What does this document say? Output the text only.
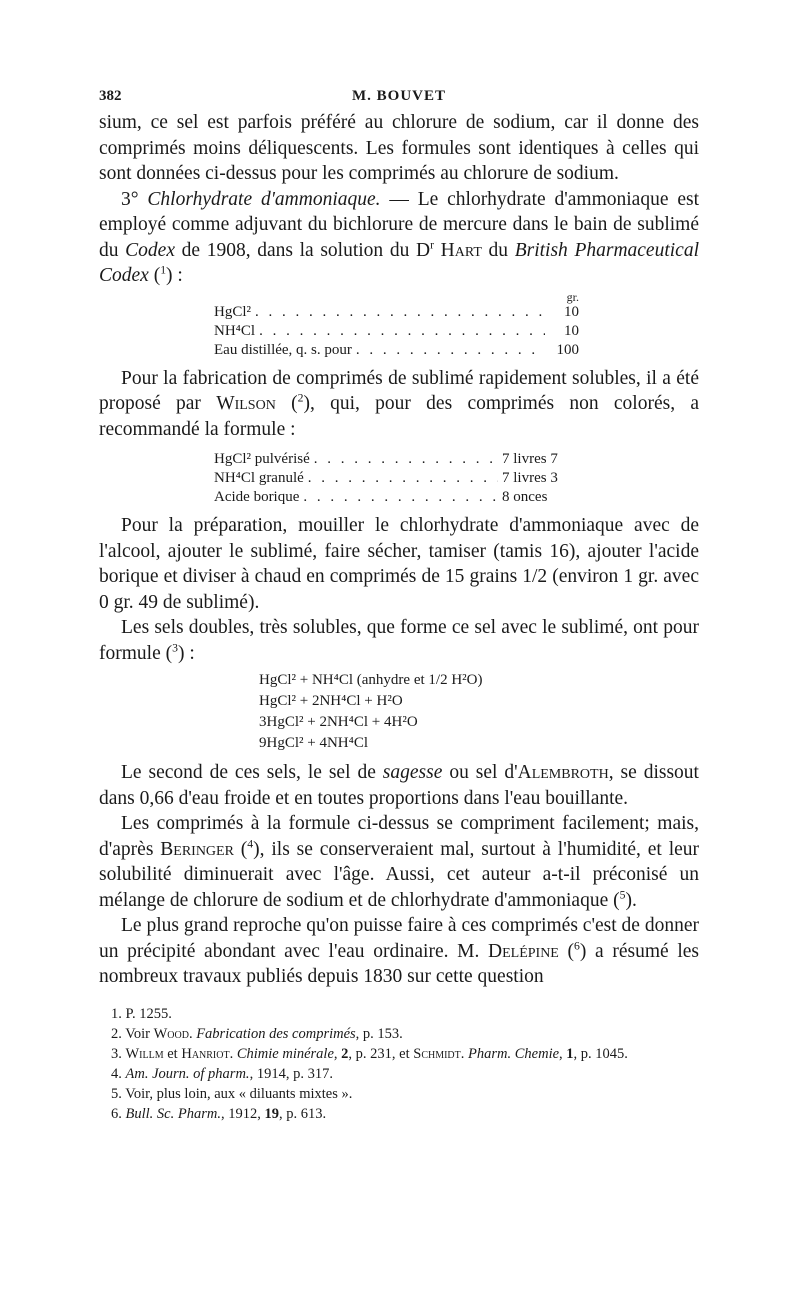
382	M. BOUVET

sium, ce sel est parfois préféré au chlorure de sodium, car il donne des comprimés moins déliquescents. Les formules sont identiques à celles qui sont données ci-dessus pour les comprimés au chlorure de sodium.

3° Chlorhydrate d'ammoniaque. — Le chlorhydrate d'ammoniaque est employé comme adjuvant du bichlorure de mercure dans le bain de sublimé du Codex de 1908, dans la solution du $D^r$ Hart du British Pharmaceutical Codex ($^1$) :

gr.
HgCl² . . .	10
NH⁴Cl . . .	10
Eau distillée, q. s. pour . . .	100

Pour la fabrication de comprimés de sublimé rapidement solubles, il a été proposé par Wilson ($^2$), qui, pour des comprimés non colorés, a recommandé la formule :

HgCl² pulvérisé . . .	7 livres 7
NH⁴Cl granulé . . .	7 livres 3
Acide borique . . .	8 onces

Pour la préparation, mouiller le chlorhydrate d'ammoniaque avec de l'alcool, ajouter le sublimé, faire sécher, tamiser (tamis 16), ajouter l'acide borique et diviser à chaud en comprimés de 15 grains 1/2 (environ 1 gr. avec 0 gr. 49 de sublimé).

Les sels doubles, très solubles, que forme ce sel avec le sublimé, ont pour formule ($^3$) :

HgCl² + NH⁴Cl (anhydre et 1/2 H²O)
HgCl² + 2NH⁴Cl + H²O
3HgCl² + 2NH⁴Cl + 4H²O
9HgCl² + 4NH⁴Cl

Le second de ces sels, le sel de sagesse ou sel d'Alembroth, se dissout dans 0,66 d'eau froide et en toutes proportions dans l'eau bouillante.

Les comprimés à la formule ci-dessus se compriment facilement; mais, d'après Beringer ($^4$), ils se conserveraient mal, surtout à l'humidité, et leur solubilité diminuerait avec l'âge. Aussi, cet auteur a-t-il préconisé un mélange de chlorure de sodium et de chlorhydrate d'ammoniaque ($^5$).

Le plus grand reproche qu'on puisse faire à ces comprimés c'est de donner un précipité abondant avec l'eau ordinaire. M. Delépine ($^6$) a résumé les nombreux travaux publiés depuis 1830 sur cette question

1. P. 1255.
2. Voir Wood. Fabrication des comprimés, p. 153.
3. Willm et Hanriot. Chimie minérale, 2, p. 231, et Schmidt. Pharm. Chemie, 1, p. 1045.
4. Am. Journ. of pharm., 1914, p. 317.
5. Voir, plus loin, aux « diluants mixtes ».
6. Bull. Sc. Pharm., 1912, 19, p. 613.
